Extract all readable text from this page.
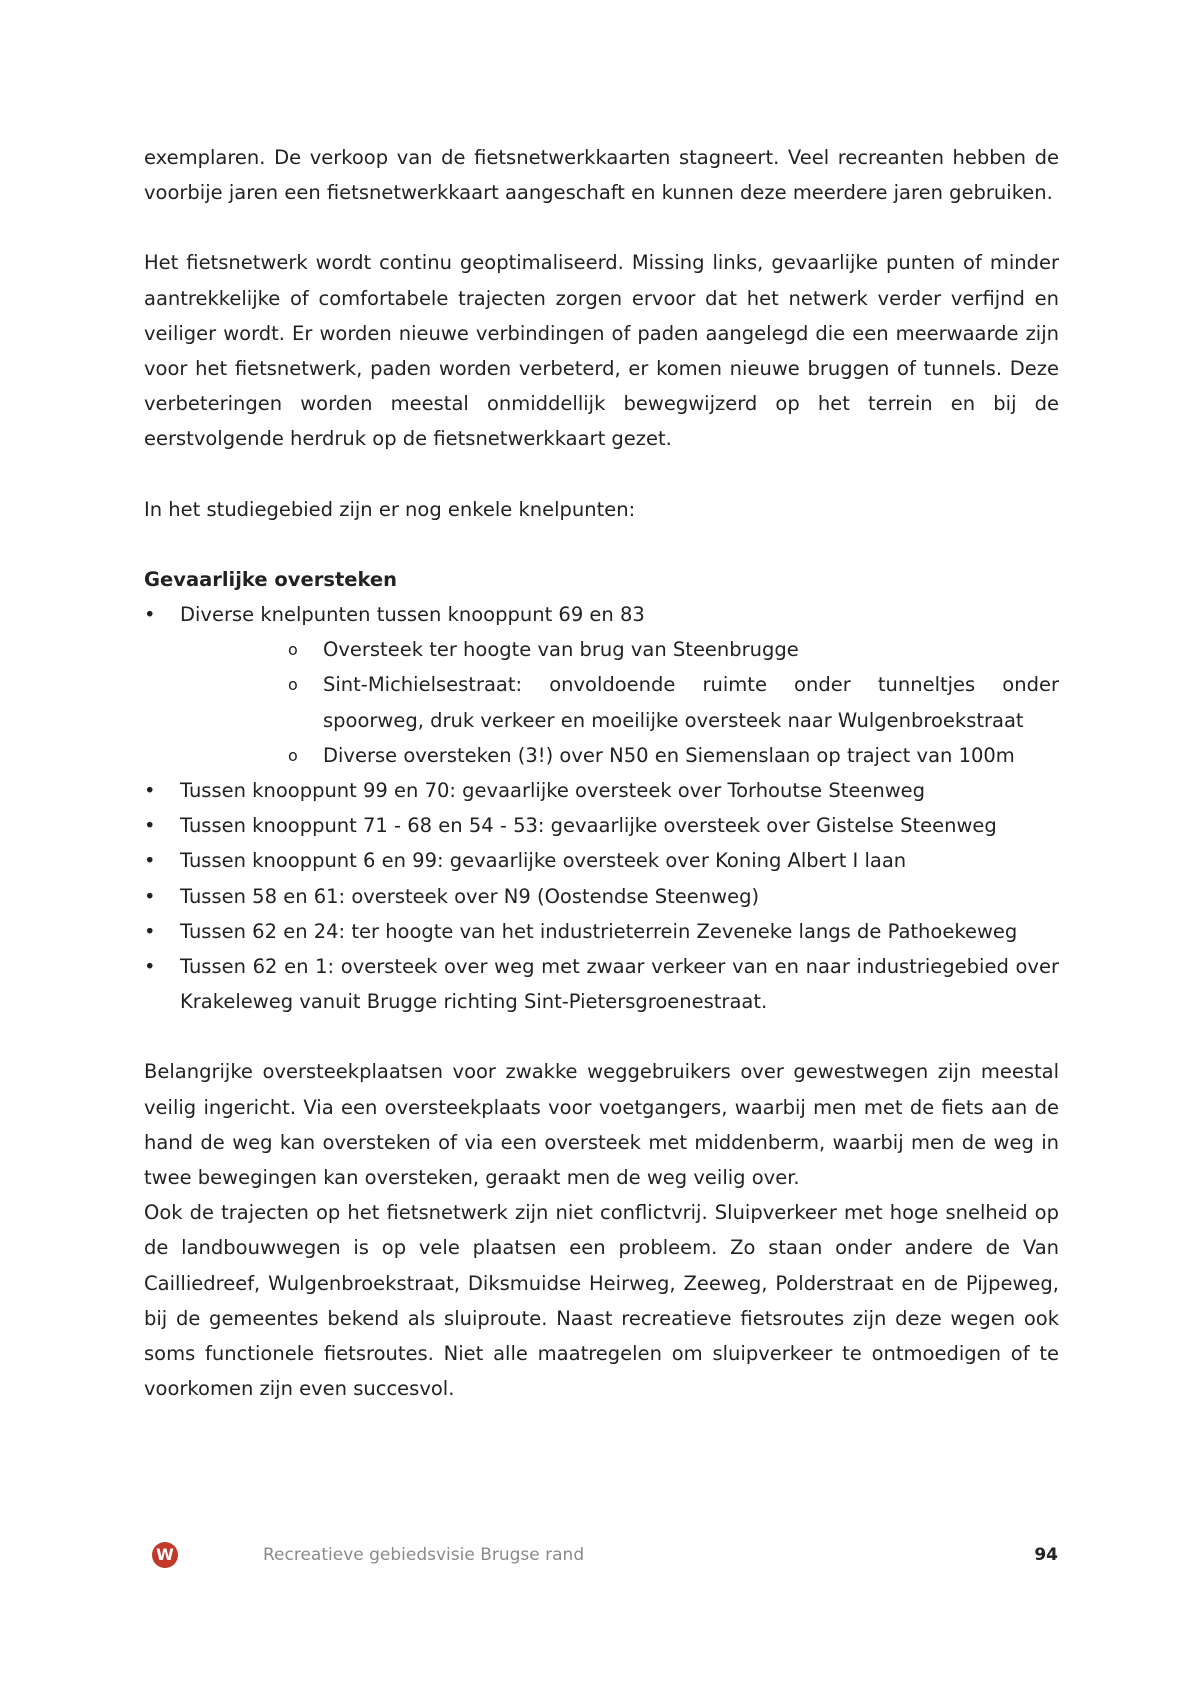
exemplaren. De verkoop van de fietsnetwerkkaarten stagneert. Veel recreanten hebben de voorbije jaren een fietsnetwerkkaart aangeschaft en kunnen deze meerdere jaren gebruiken.

Het fietsnetwerk wordt continu geoptimaliseerd. Missing links, gevaarlijke punten of minder aantrekkelijke of comfortabele trajecten zorgen ervoor dat het netwerk verder verfijnd en veiliger wordt. Er worden nieuwe verbindingen of paden aangelegd die een meerwaarde zijn voor het fietsnetwerk, paden worden verbeterd, er komen nieuwe bruggen of tunnels. Deze verbeteringen worden meestal onmiddellijk bewegwijzerd op het terrein en bij de eerstvolgende herdruk op de fietsnetwerkkaart gezet.

In het studiegebied zijn er nog enkele knelpunten:

Gevaarlijke oversteken

• Diverse knelpunten tussen knooppunt 69 en 83
o Oversteek ter hoogte van brug van Steenbrugge
o Sint-Michielsestraat: onvoldoende ruimte onder tunneltjes onder spoorweg, druk verkeer en moeilijke oversteek naar Wulgenbroekstraat
o Diverse oversteken (3!) over N50 en Siemenslaan op traject van 100m
• Tussen knooppunt 99 en 70: gevaarlijke oversteek over Torhoutse Steenweg
• Tussen knooppunt 71 - 68 en 54 - 53: gevaarlijke oversteek over Gistelse Steenweg
• Tussen knooppunt 6 en 99: gevaarlijke oversteek over Koning Albert I laan
• Tussen 58 en 61: oversteek over N9 (Oostendse Steenweg)
• Tussen 62 en 24: ter hoogte van het industrieterrein Zeveneke langs de Pathoekeweg
• Tussen 62 en 1: oversteek over weg met zwaar verkeer van en naar industriegebied over Krakeleweg vanuit Brugge richting Sint-Pietersgroenestraat.

Belangrijke oversteekplaatsen voor zwakke weggebruikers over gewestwegen zijn meestal veilig ingericht. Via een oversteekplaats voor voetgangers, waarbij men met de fiets aan de hand de weg kan oversteken of via een oversteek met middenberm, waarbij men de weg in twee bewegingen kan oversteken, geraakt men de weg veilig over.

Ook de trajecten op het fietsnetwerk zijn niet conflictvrij. Sluipverkeer met hoge snelheid op de landbouwwegen is op vele plaatsen een probleem. Zo staan onder andere de Van Cailliedreef, Wulgenbroekstraat, Diksmuidse Heirweg, Zeeweg, Polderstraat en de Pijpeweg, bij de gemeentes bekend als sluiproute. Naast recreatieve fietsroutes zijn deze wegen ook soms functionele fietsroutes. Niet alle maatregelen om sluipverkeer te ontmoedigen of te voorkomen zijn even succesvol.

W	Recreatieve gebiedsvisie Brugse rand	94
